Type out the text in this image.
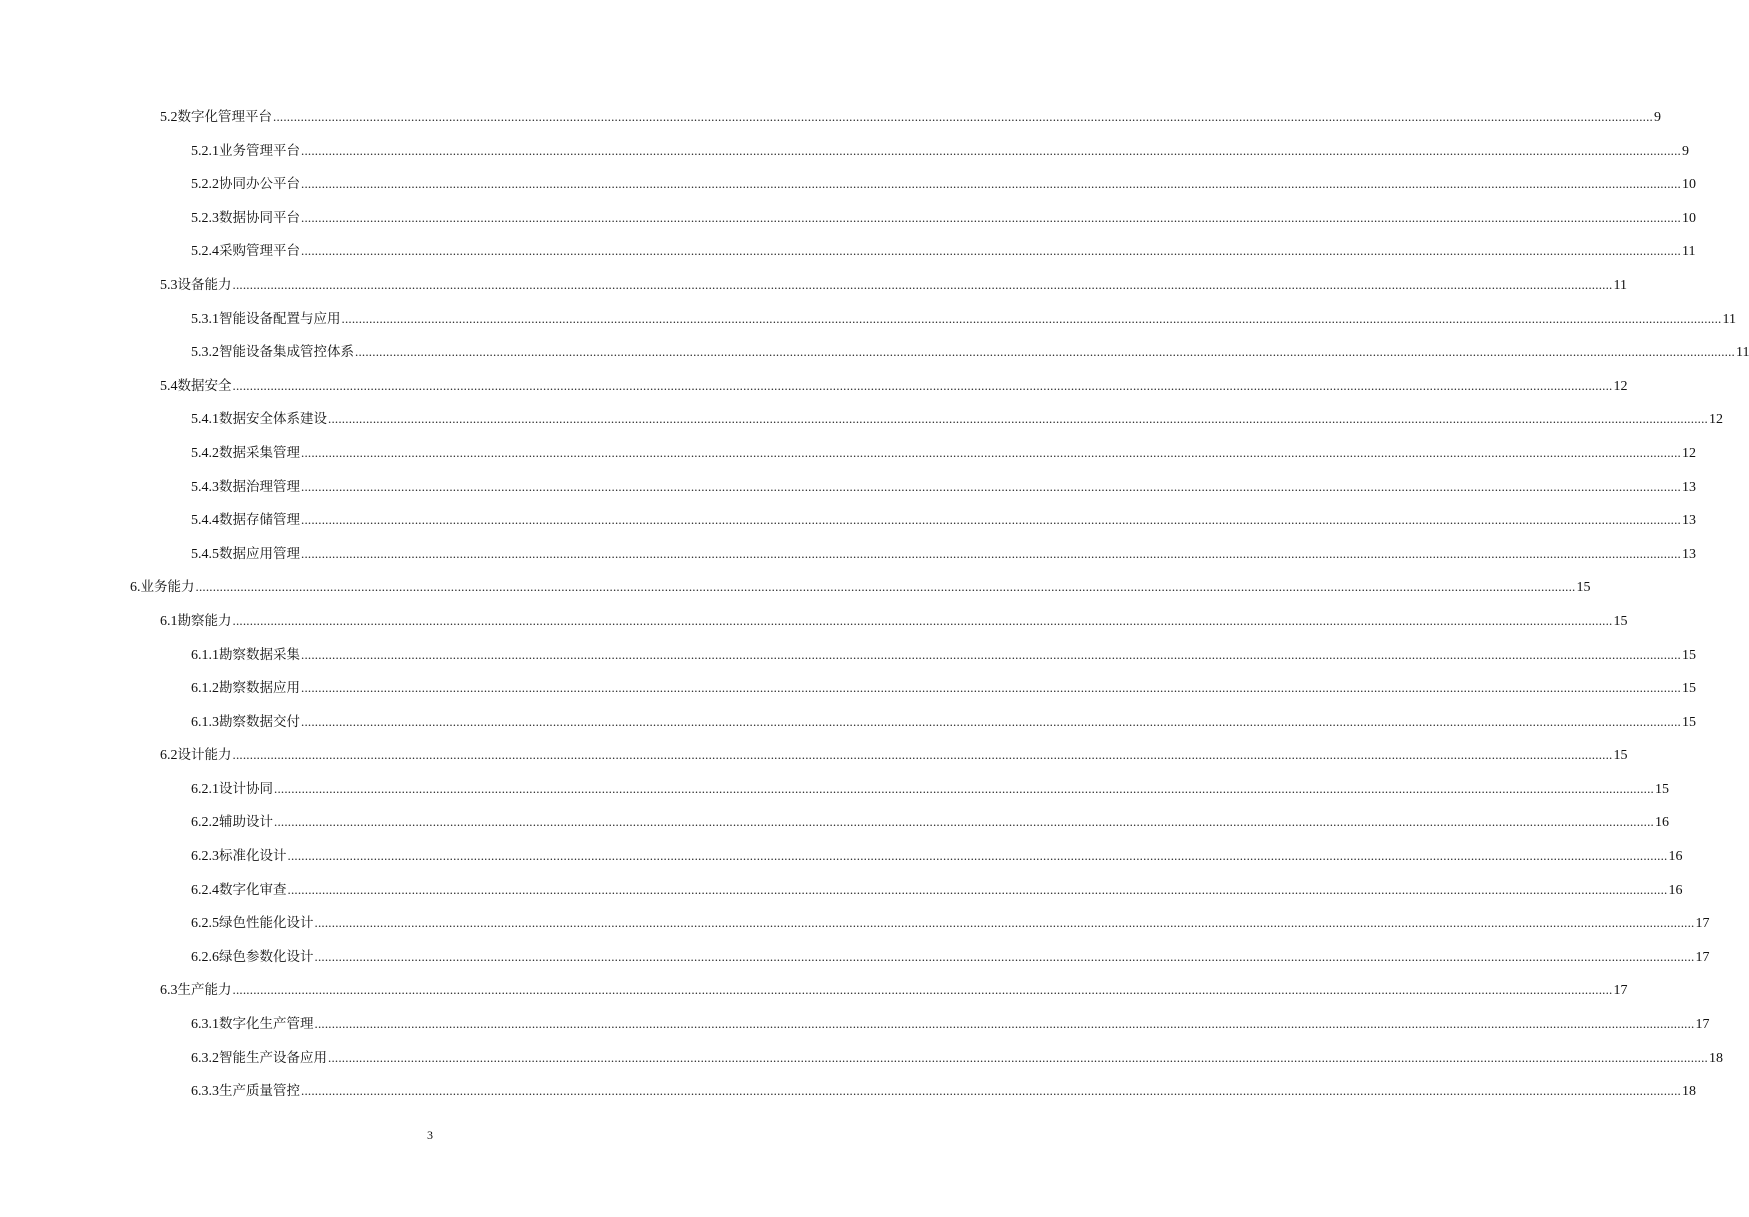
5.2 数字化管理平台 ................................................................................................................................................................................................................................................................................................................................................................................................................ 9
5.2.1 业务管理平台 ................................................................................................................................................................................................................................................................................................................................................................................................................ 9
5.2.2 协同办公平台 ................................................................................................................................................................................................................................................................................................................................................................................................................ 10
5.2.3 数据协同平台 ................................................................................................................................................................................................................................................................................................................................................................................................................ 10
5.2.4 采购管理平台 ................................................................................................................................................................................................................................................................................................................................................................................................................ 11
5.3 设备能力 ................................................................................................................................................................................................................................................................................................................................................................................................................ 11
5.3.1 智能设备配置与应用 ................................................................................................................................................................................................................................................................................................................................................................................................................ 11
5.3.2 智能设备集成管控体系 ................................................................................................................................................................................................................................................................................................................................................................................................................ 11
5.4 数据安全 ................................................................................................................................................................................................................................................................................................................................................................................................................ 12
5.4.1 数据安全体系建设 ................................................................................................................................................................................................................................................................................................................................................................................................................ 12
5.4.2 数据采集管理 ................................................................................................................................................................................................................................................................................................................................................................................................................ 12
5.4.3 数据治理管理 ................................................................................................................................................................................................................................................................................................................................................................................................................ 13
5.4.4 数据存储管理 ................................................................................................................................................................................................................................................................................................................................................................................................................ 13
5.4.5 数据应用管理 ................................................................................................................................................................................................................................................................................................................................................................................................................ 13
6. 业务能力 ................................................................................................................................................................................................................................................................................................................................................................................................................ 15
6.1 勘察能力 ................................................................................................................................................................................................................................................................................................................................................................................................................ 15
6.1.1 勘察数据采集 ................................................................................................................................................................................................................................................................................................................................................................................................................ 15
6.1.2 勘察数据应用 ................................................................................................................................................................................................................................................................................................................................................................................................................ 15
6.1.3 勘察数据交付 ................................................................................................................................................................................................................................................................................................................................................................................................................ 15
6.2 设计能力 ................................................................................................................................................................................................................................................................................................................................................................................................................ 15
6.2.1 设计协同 ................................................................................................................................................................................................................................................................................................................................................................................................................ 15
6.2.2 辅助设计 ................................................................................................................................................................................................................................................................................................................................................................................................................ 16
6.2.3 标准化设计 ................................................................................................................................................................................................................................................................................................................................................................................................................ 16
6.2.4 数字化审查 ................................................................................................................................................................................................................................................................................................................................................................................................................ 16
6.2.5 绿色性能化设计 ................................................................................................................................................................................................................................................................................................................................................................................................................ 17
6.2.6 绿色参数化设计 ................................................................................................................................................................................................................................................................................................................................................................................................................ 17
6.3 生产能力 ................................................................................................................................................................................................................................................................................................................................................................................................................ 17
6.3.1 数字化生产管理 ................................................................................................................................................................................................................................................................................................................................................................................................................ 17
6.3.2 智能生产设备应用 ................................................................................................................................................................................................................................................................................................................................................................................................................ 18
6.3.3 生产质量管控 ................................................................................................................................................................................................................................................................................................................................................................................................................ 18
3
